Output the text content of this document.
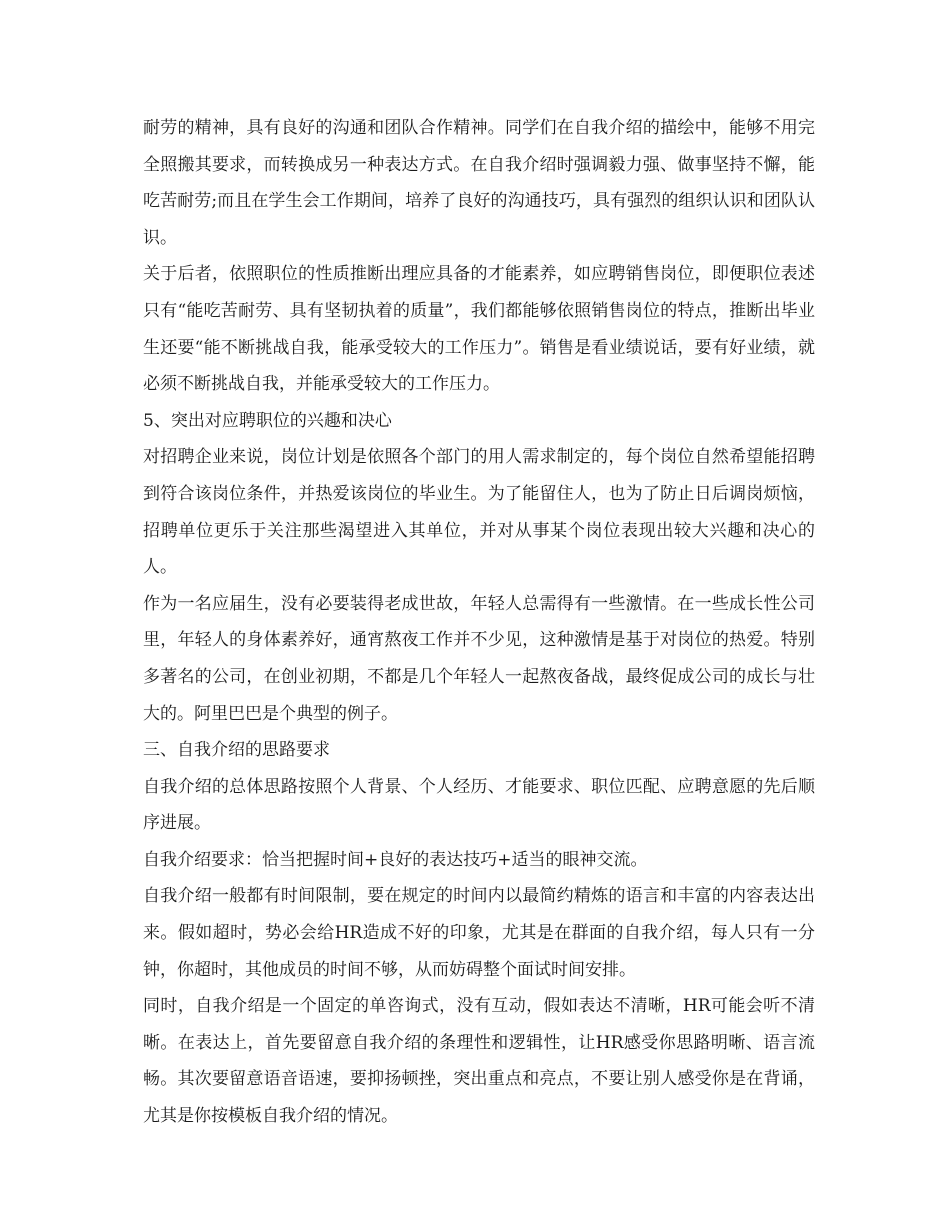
耐劳的精神，具有良好的沟通和团队合作精神。同学们在自我介绍的描绘中，能够不用完全照搬其要求，而转换成另一种表达方式。在自我介绍时强调毅力强、做事坚持不懈，能吃苦耐劳;而且在学生会工作期间，培养了良好的沟通技巧，具有强烈的组织认识和团队认识。

关于后者，依照职位的性质推断出理应具备的才能素养，如应聘销售岗位，即便职位表述只有“能吃苦耐劳、具有坚韧执着的质量”，我们都能够依照销售岗位的特点，推断出毕业生还要“能不断挑战自我，能承受较大的工作压力”。销售是看业绩说话，要有好业绩，就必须不断挑战自我，并能承受较大的工作压力。

5、突出对应聘职位的兴趣和决心

对招聘企业来说，岗位计划是依照各个部门的用人需求制定的，每个岗位自然希望能招聘到符合该岗位条件，并热爱该岗位的毕业生。为了能留住人，也为了防止日后调岗烦恼，招聘单位更乐于关注那些渴望进入其单位，并对从事某个岗位表现出较大兴趣和决心的人。

作为一名应届生，没有必要装得老成世故，年轻人总需得有一些激情。在一些成长性公司里，年轻人的身体素养好，通宵熬夜工作并不少见，这种激情是基于对岗位的热爱。特别多著名的公司，在创业初期，不都是几个年轻人一起熬夜备战，最终促成公司的成长与壮大的。阿里巴巴是个典型的例子。

三、自我介绍的思路要求

自我介绍的总体思路按照个人背景、个人经历、才能要求、职位匹配、应聘意愿的先后顺序进展。

自我介绍要求：恰当把握时间+良好的表达技巧+适当的眼神交流。

自我介绍一般都有时间限制，要在规定的时间内以最简约精炼的语言和丰富的内容表达出来。假如超时，势必会给HR造成不好的印象，尤其是在群面的自我介绍，每人只有一分钟，你超时，其他成员的时间不够，从而妨碍整个面试时间安排。

同时，自我介绍是一个固定的单咨询式，没有互动，假如表达不清晰，HR可能会听不清晰。在表达上，首先要留意自我介绍的条理性和逻辑性，让HR感受你思路明晰、语言流畅。其次要留意语音语速，要抑扬顿挫，突出重点和亮点，不要让别人感受你是在背诵，尤其是你按模板自我介绍的情况。
